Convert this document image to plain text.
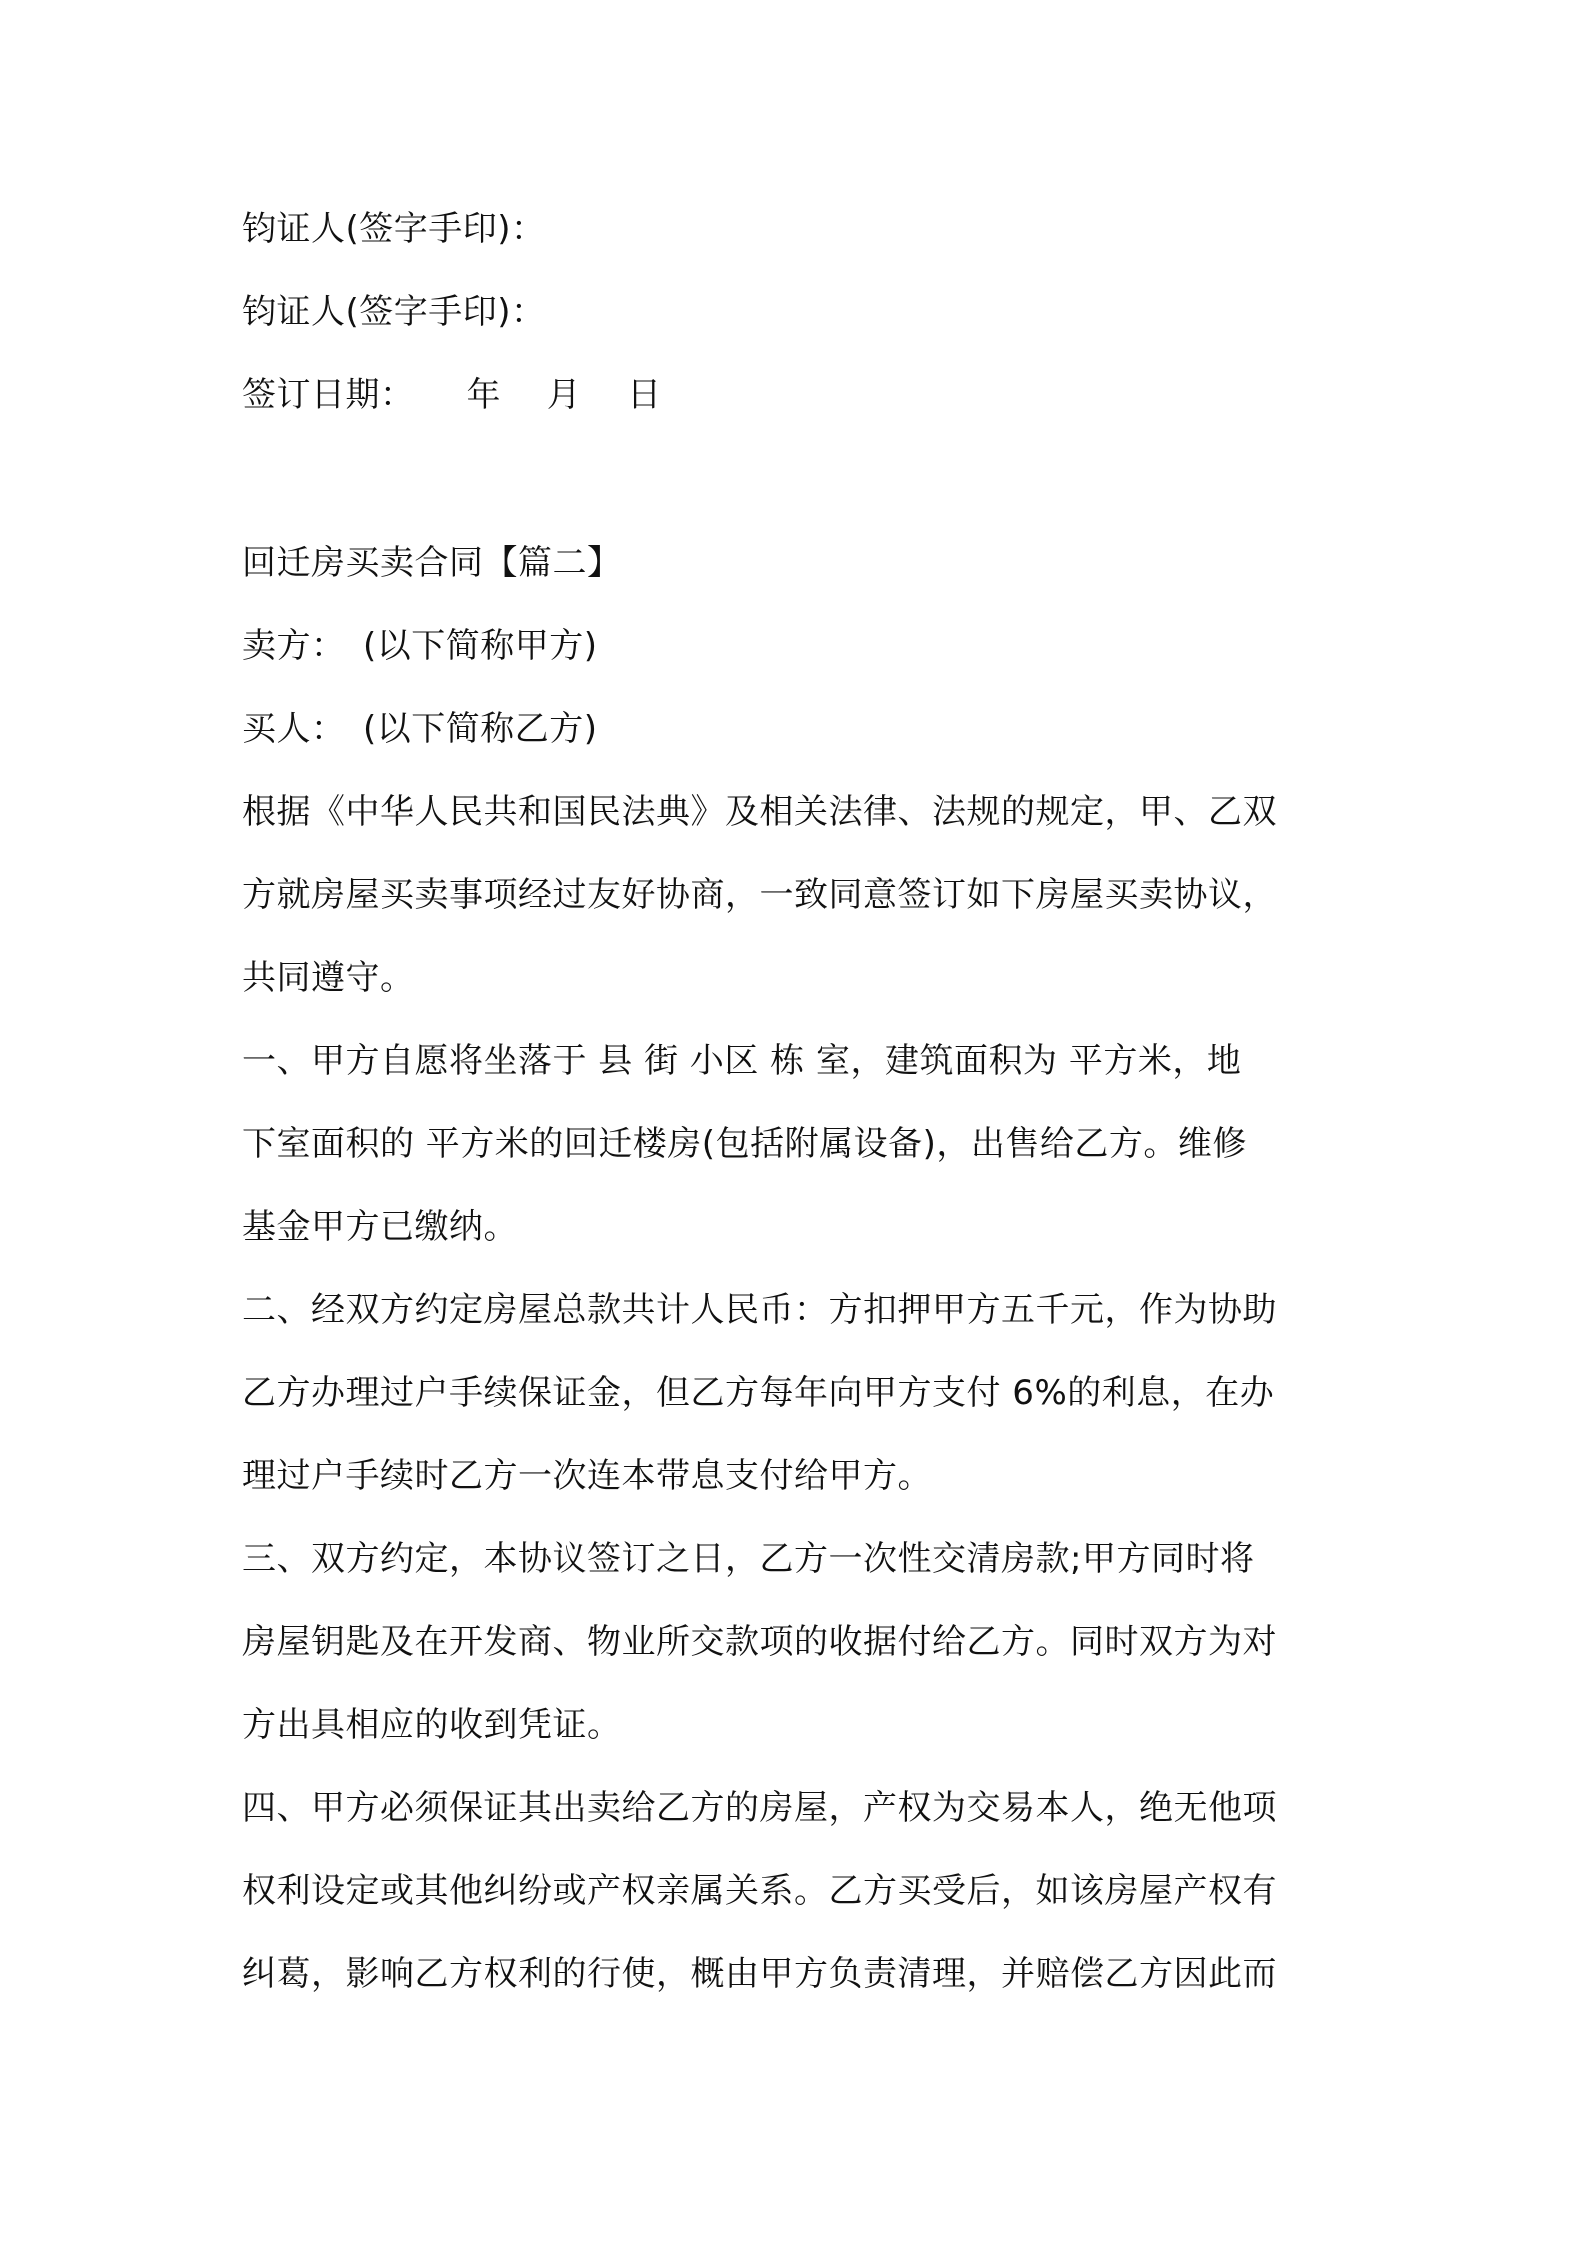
钧证人(签字手印)：
钧证人(签字手印)：
签订日期：　　年　 月　 日
回迁房买卖合同【篇二】
卖方：　(以下简称甲方)
买人：　(以下简称乙方)
根据《中华人民共和国民法典》及相关法律、法规的规定，甲、乙双
方就房屋买卖事项经过友好协商，一致同意签订如下房屋买卖协议，
共同遵守。
一、甲方自愿将坐落于 县 街 小区 栋 室，建筑面积为 平方米，地
下室面积的 平方米的回迁楼房(包括附属设备)，出售给乙方。维修
基金甲方已缴纳。
二、经双方约定房屋总款共计人民币：方扣押甲方五千元，作为协助
乙方办理过户手续保证金，但乙方每年向甲方支付 6%的利息，在办
理过户手续时乙方一次连本带息支付给甲方。
三、双方约定，本协议签订之日，乙方一次性交清房款;甲方同时将
房屋钥匙及在开发商、物业所交款项的收据付给乙方。同时双方为对
方出具相应的收到凭证。
四、甲方必须保证其出卖给乙方的房屋，产权为交易本人，绝无他项
权利设定或其他纠纷或产权亲属关系。乙方买受后，如该房屋产权有
纠葛，影响乙方权利的行使，概由甲方负责清理，并赔偿乙方因此而
